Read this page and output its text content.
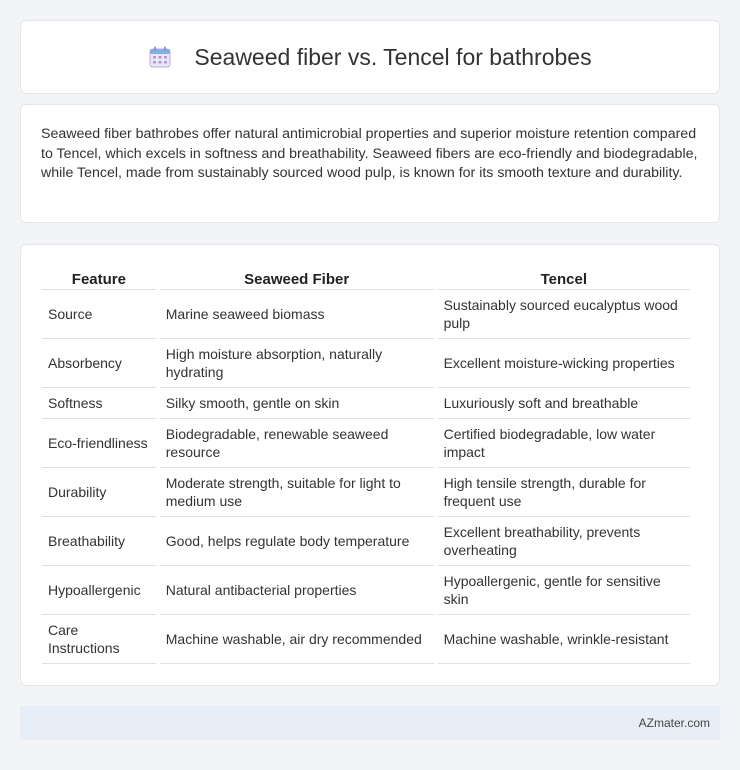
Seaweed fiber vs. Tencel for bathrobes

Seaweed fiber bathrobes offer natural antimicrobial properties and superior moisture retention compared to Tencel, which excels in softness and breathability. Seaweed fibers are eco-friendly and biodegradable, while Tencel, made from sustainably sourced wood pulp, is known for its smooth texture and durability.

Feature	Seaweed Fiber	Tencel
Source	Marine seaweed biomass	Sustainably sourced eucalyptus wood pulp
Absorbency	High moisture absorption, naturally hydrating	Excellent moisture-wicking properties
Softness	Silky smooth, gentle on skin	Luxuriously soft and breathable
Eco-friendliness	Biodegradable, renewable seaweed resource	Certified biodegradable, low water impact
Durability	Moderate strength, suitable for light to medium use	High tensile strength, durable for frequent use
Breathability	Good, helps regulate body temperature	Excellent breathability, prevents overheating
Hypoallergenic	Natural antibacterial properties	Hypoallergenic, gentle for sensitive skin
Care Instructions	Machine washable, air dry recommended	Machine washable, wrinkle-resistant
AZmater.com
